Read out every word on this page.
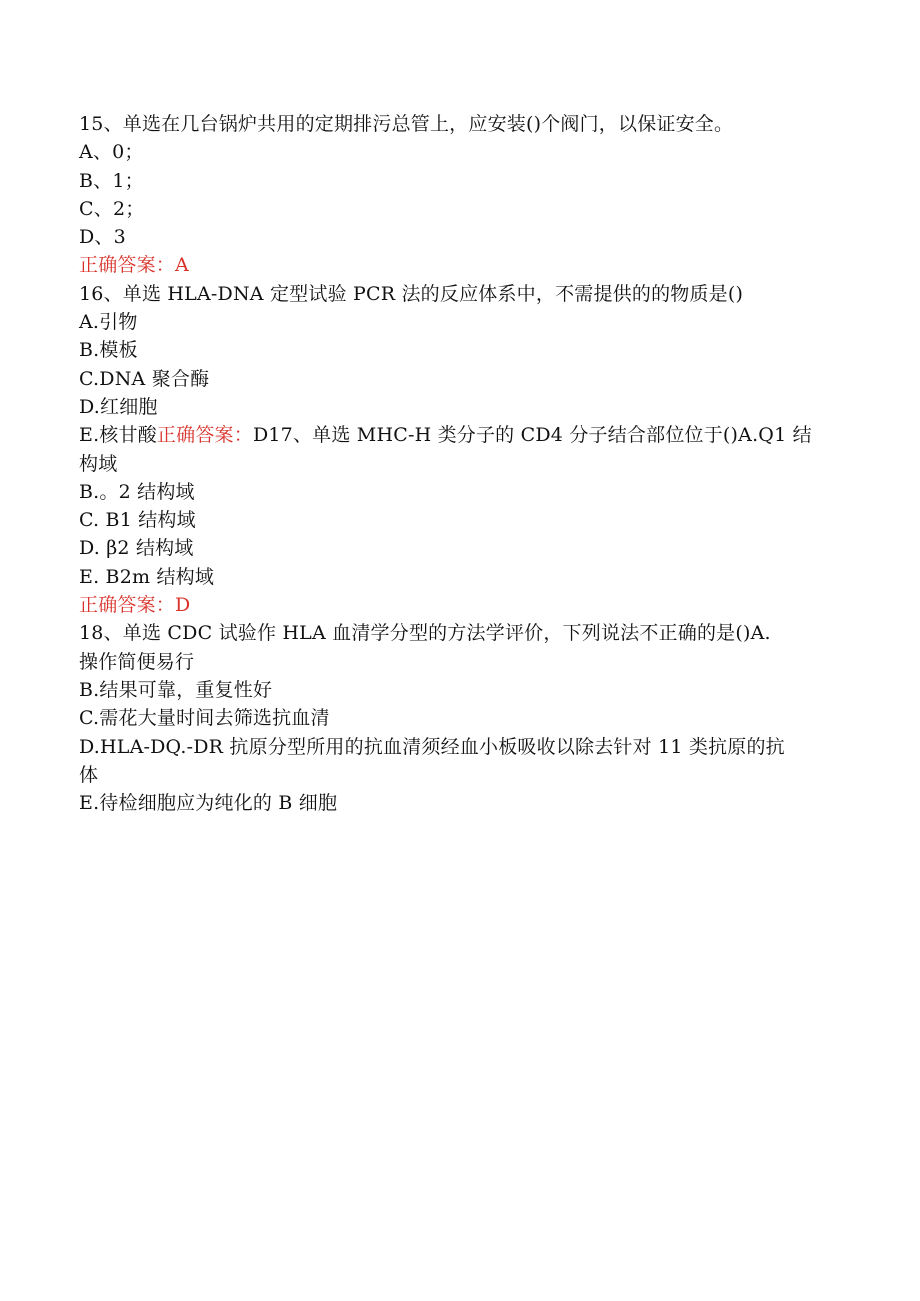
15、单选在几台锅炉共用的定期排污总管上，应安装()个阀门，以保证安全。
A、0；
B、1；
C、2；
D、3
正确答案：A
16、单选 HLA-DNA 定型试验 PCR 法的反应体系中，不需提供的的物质是()
A.引物
B.模板
C.DNA 聚合酶
D.红细胞
E.核甘酸正确答案：D17、单选 MHC-H 类分子的 CD4 分子结合部位位于()A.Q1 结
构域
B.。2 结构域
C. B1 结构域
D. β2 结构域
E. B2m 结构域
正确答案：D
18、单选 CDC 试验作 HLA 血清学分型的方法学评价，下列说法不正确的是()A.
操作简便易行
B.结果可靠，重复性好
C.需花大量时间去筛选抗血清
D.HLA-DQ.-DR 抗原分型所用的抗血清须经血小板吸收以除去针对 11 类抗原的抗
体
E.待检细胞应为纯化的 B 细胞
